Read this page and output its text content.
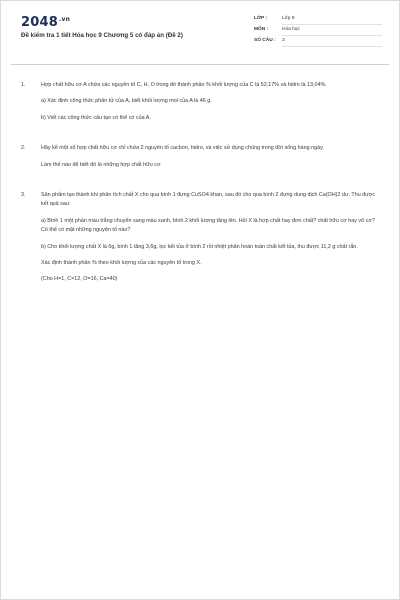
$2048^{.vn}$
Đề kiểm tra 1 tiết Hóa học 9 Chương 5 có đáp án (Đề 2)
LỚP :	Lớp 9
MÔN :	Hóa học
SỐ CÂU :	3
1.	Hợp chất hữu cơ A chứa các nguyên tố C, H, O trong đó thành phần % khối lượng của C là 52,17% và hidro là 13,04%.
a) Xác định công thức phân tử của A, biết khối lượng mol của A là 46 g.
b) Viết các công thức cấu tạo có thể có của A.
2.	Hãy kể một số hợp chất hữu cơ chỉ chứa 2 nguyên tố cacbon, hidro, và việc sử dụng chúng trong đời sống hàng ngày.
Làm thế nào để biết đó là những hợp chất hữu cơ
3.	Sản phẩm tạo thành khi phân tích chất X cho qua bình 1 đựng CuSO4 khan, sau đó cho qua bình 2 đựng dung dịch Ca(OH)2 dư. Thu được kết quả sau:
a) Bình 1 một phần màu trắng chuyển sang màu xanh, bình 2 khối lượng tăng lên. Hỏi X là hợp chất hay đơn chất? chất hữu cơ hay vô cơ? Có thể có mặt những nguyên tố nào?
b) Cho khối lượng chất X là 6g, bình 1 tăng 3,6g, lọc kết tủa ở bình 2 rồi nhiệt phân hoàn toàn chất kết tủa, thu được 11,2 g chất rắn.
Xác định thành phần % theo khối lượng của các nguyên tố trong X.
(Cho H=1, C=12, O=16, Ca=40)
